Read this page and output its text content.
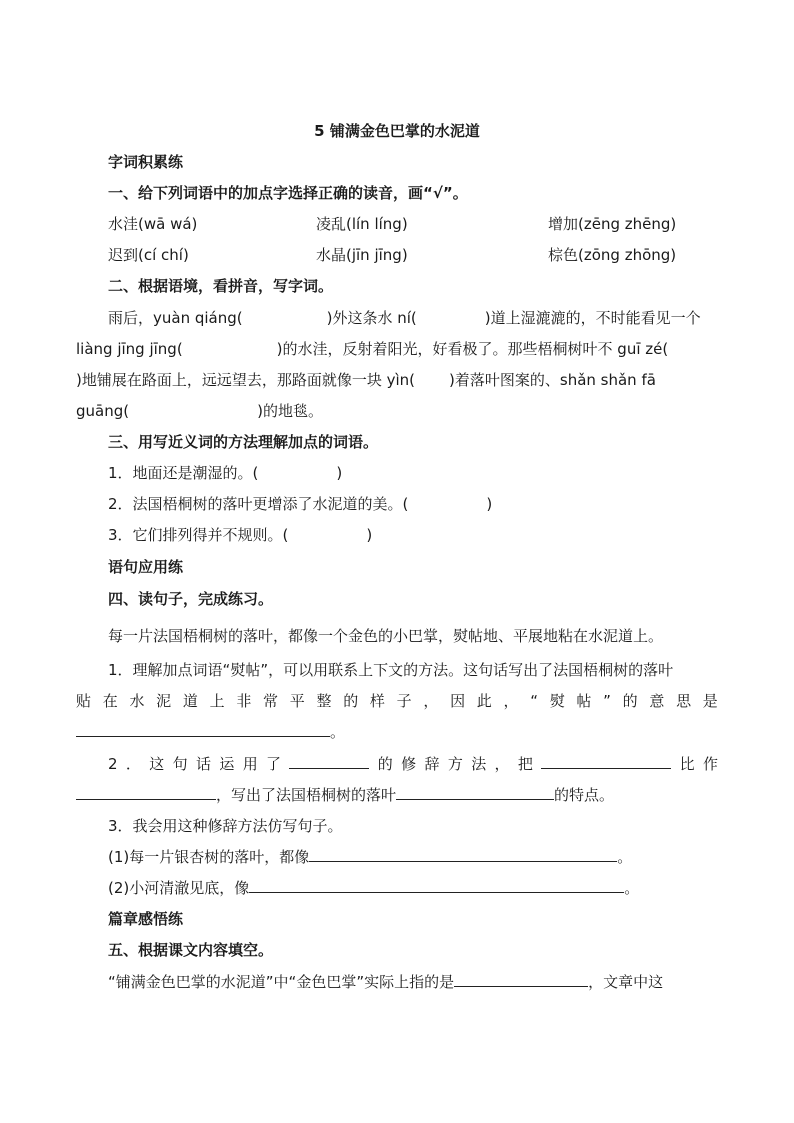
5 铺满金色巴掌的水泥道
字词积累练
一、给下列词语中的加点字选择正确的读音，画“√”。
水洼(wā wá)	凌乱(lín líng)	增加(zēng zhēng)
迟到(cí chí)	水晶(jīn jīng)	棕色(zōng zhōng)
二、根据语境，看拼音，写字词。
雨后，yuàn qiáng(	)外这条水 ní(	)道上湿漉漉的，不时能看见一个
liàng jīng jīng(	)的水洼，反射着阳光，好看极了。那些梧桐树叶不 guī zé(
)地铺展在路面上，远远望去，那路面就像一块 yìn( )着落叶图案的、shǎn shǎn fā
guāng(	)的地毯。
三、用写近义词的方法理解加点的词语。
1．地面还是潮湿的。(	)
2．法国梧桐树的落叶更增添了水泥道的美。(	)
3．它们排列得并不规则。(	)
语句应用练
四、读句子，完成练习。
每一片法国梧桐树的落叶，都像一个金色的小巴掌，熨帖地、平展地粘在水泥道上。
1．理解加点词语“熨帖”，可以用联系上下文的方法。这句话写出了法国梧桐树的落叶
贴 在 水 泥 道 上 非 常 平 整 的 样 子 ， 因 此 ， “ 熨 帖 ” 的 意 思 是
。
2 ． 这 句 话 运 用 了	的 修 辞 方 法 ， 把	比 作
，写出了法国梧桐树的落叶	的特点。
3．我会用这种修辞方法仿写句子。
(1)每一片银杏树的落叶，都像	。
(2)小河清澈见底，像	。
篇章感悟练
五、根据课文内容填空。
“铺满金色巴掌的水泥道”中“金色巴掌”实际上指的是	，文章中这
